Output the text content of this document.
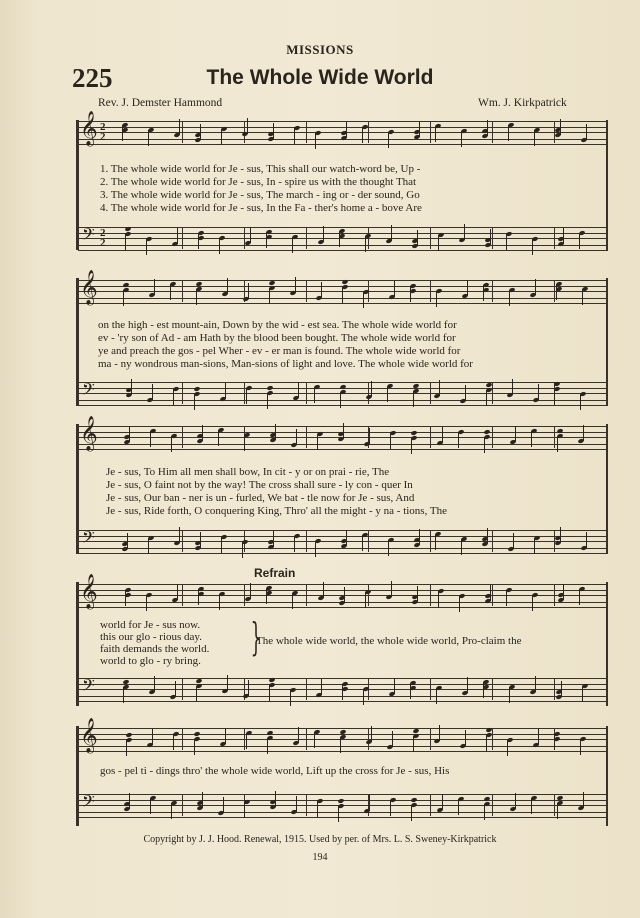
MISSIONS
225	The Whole Wide World
Rev. J. Demster Hammond	Wm. J. Kirkpatrick
𝄞 2
2
1. The whole wide world for Je - sus, This shall our watch-word be, Up -
2. The whole wide world for Je - sus, In - spire us with the thought That
3. The whole wide world for Je - sus, The march - ing or - der sound, Go
4. The whole wide world for Je - sus, In the Fa - ther's home a - bove Are
𝄢 2
2
𝄞
on the high - est mount-ain, Down by the wid - est sea. The whole wide world for
ev - 'ry son of Ad - am Hath by the blood been bought. The whole wide world for
ye and preach the gos - pel Wher - ev - er man is found. The whole wide world for
ma - ny wondrous man-sions, Man-sions of light and love. The whole wide world for
𝄢
𝄞
Je - sus, To Him all men shall bow, In cit - y or on prai - rie, The
Je - sus, O faint not by the way! The cross shall sure - ly con - quer In
Je - sus, Our ban - ner is un - furled, We bat - tle now for Je - sus, And
Je - sus, Ride forth, O conquering King, Thro' all the might - y na - tions, The
𝄢
Refrain
𝄞
world for Je - sus now.
this our glo - rious day.
faith demands the world.
world to glo - ry bring.
}
The whole wide world, the whole wide world, Pro-claim the
𝄢
𝄞
gos - pel ti - dings thro' the whole wide world, Lift up the cross for Je - sus, His
𝄢
Copyright by J. J. Hood. Renewal, 1915. Used by per. of Mrs. L. S. Sweney-Kirkpatrick
194
